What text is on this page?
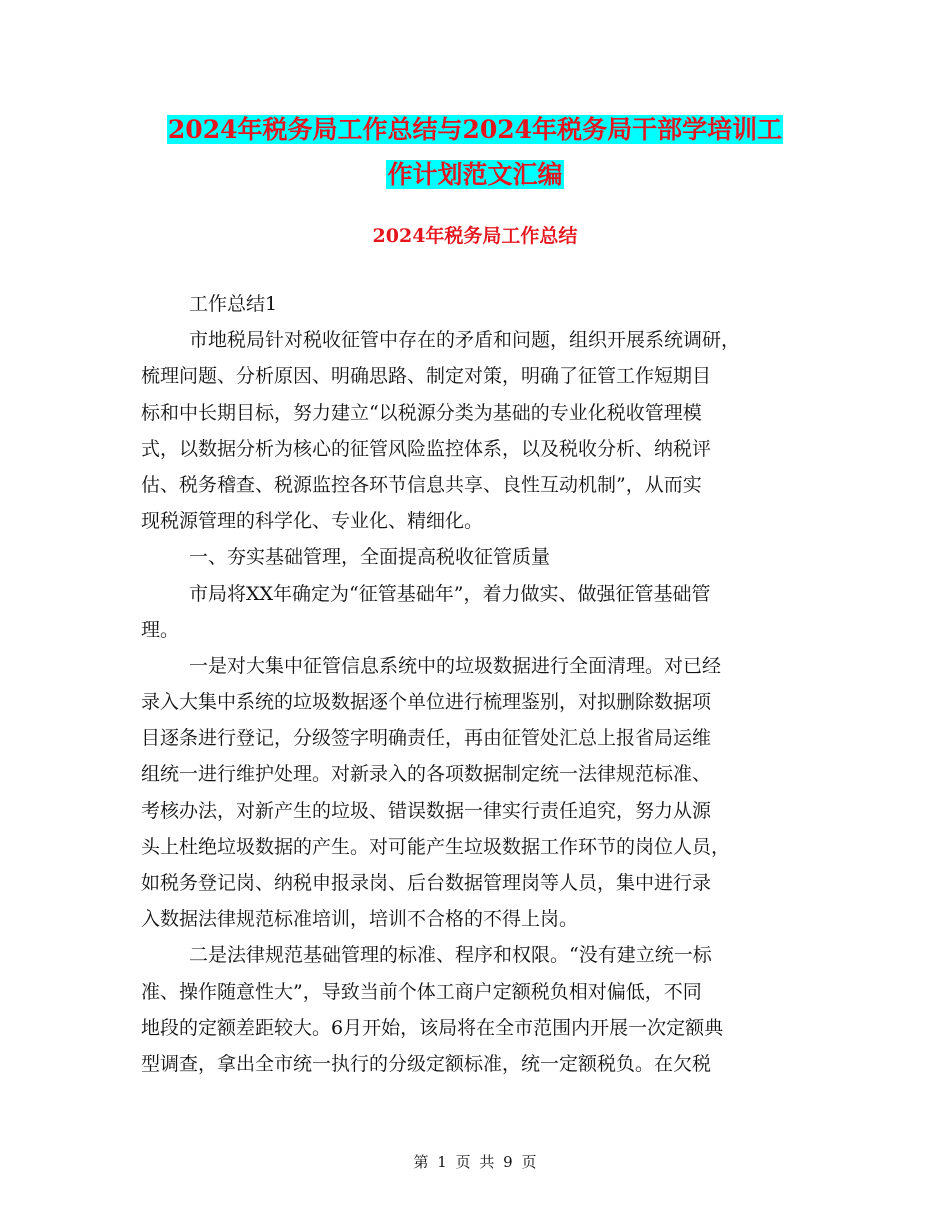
2024年税务局工作总结与2024年税务局干部学培训工
作计划范文汇编
2024年税务局工作总结
工作总结1
市地税局针对税收征管中存在的矛盾和问题，组织开展系统调研，
梳理问题、分析原因、明确思路、制定对策，明确了征管工作短期目
标和中长期目标，努力建立“以税源分类为基础的专业化税收管理模
式，以数据分析为核心的征管风险监控体系，以及税收分析、纳税评
估、税务稽查、税源监控各环节信息共享、良性互动机制”，从而实
现税源管理的科学化、专业化、精细化。
一、夯实基础管理，全面提高税收征管质量
市局将XX年确定为“征管基础年”，着力做实、做强征管基础管
理。
一是对大集中征管信息系统中的垃圾数据进行全面清理。对已经
录入大集中系统的垃圾数据逐个单位进行梳理鉴别，对拟删除数据项
目逐条进行登记，分级签字明确责任，再由征管处汇总上报省局运维
组统一进行维护处理。对新录入的各项数据制定统一法律规范标准、
考核办法，对新产生的垃圾、错误数据一律实行责任追究，努力从源
头上杜绝垃圾数据的产生。对可能产生垃圾数据工作环节的岗位人员，
如税务登记岗、纳税申报录岗、后台数据管理岗等人员，集中进行录
入数据法律规范标准培训，培训不合格的不得上岗。
二是法律规范基础管理的标准、程序和权限。“没有建立统一标
准、操作随意性大”，导致当前个体工商户定额税负相对偏低，不同
地段的定额差距较大。6月开始，该局将在全市范围内开展一次定额典
型调查，拿出全市统一执行的分级定额标准，统一定额税负。在欠税
第 1 页 共 9 页
